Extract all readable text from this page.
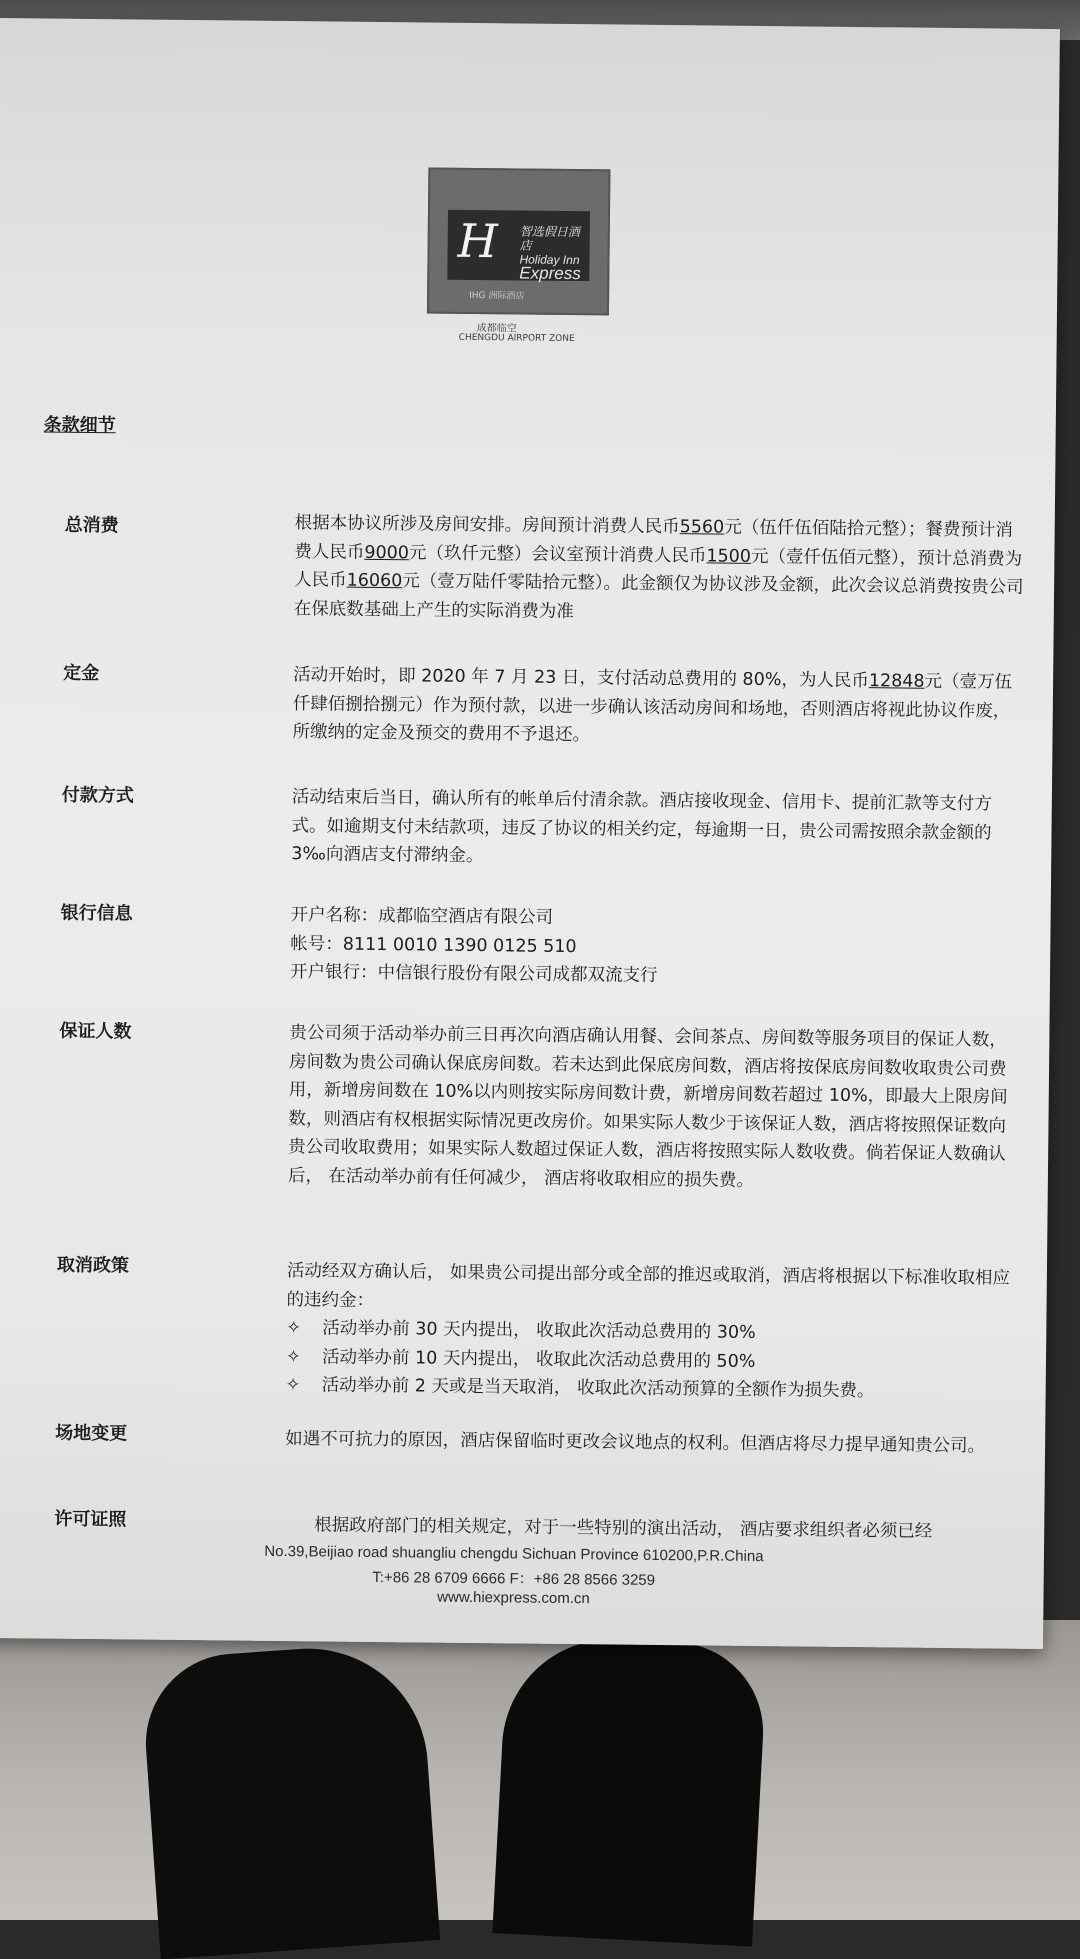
H 智选假日酒店
Holiday Inn
Express
IHG 洲际酒店
成都临空
CHENGDU AIRPORT ZONE
条款细节
总消费	根据本协议所涉及房间安排。房间预计消费人民币5560元（伍仟伍佰陆拾元整）；餐费预计消费人民币9000元（玖仟元整）会议室预计消费人民币1500元（壹仟伍佰元整），预计总消费为人民币16060元（壹万陆仟零陆拾元整）。此金额仅为协议涉及金额，此次会议总消费按贵公司在保底数基础上产生的实际消费为准
定金	活动开始时，即 2020 年 7 月 23 日，支付活动总费用的 80%，为人民币12848元（壹万伍仟肆佰捌拾捌元）作为预付款，以进一步确认该活动房间和场地，否则酒店将视此协议作废，所缴纳的定金及预交的费用不予退还。
付款方式	活动结束后当日，确认所有的帐单后付清余款。酒店接收现金、信用卡、提前汇款等支付方式。如逾期支付未结款项，违反了协议的相关约定，每逾期一日，贵公司需按照余款金额的 3‰向酒店支付滞纳金。
银行信息	开户名称：成都临空酒店有限公司
帐号：8111 0010 1390 0125 510
开户银行：中信银行股份有限公司成都双流支行
保证人数	贵公司须于活动举办前三日再次向酒店确认用餐、会间茶点、房间数等服务项目的保证人数，房间数为贵公司确认保底房间数。若未达到此保底房间数，酒店将按保底房间数收取贵公司费用，新增房间数在 10%以内则按实际房间数计费，新增房间数若超过 10%，即最大上限房间数，则酒店有权根据实际情况更改房价。如果实际人数少于该保证人数，酒店将按照保证数向贵公司收取费用；如果实际人数超过保证人数，酒店将按照实际人数收费。倘若保证人数确认后， 在活动举办前有任何减少， 酒店将收取相应的损失费。
取消政策	活动经双方确认后， 如果贵公司提出部分或全部的推迟或取消，酒店将根据以下标准收取相应的违约金：
✧	活动举办前 30 天内提出， 收取此次活动总费用的 30%
✧	活动举办前 10 天内提出， 收取此次活动总费用的 50%
✧	活动举办前 2 天或是当天取消， 收取此次活动预算的全额作为损失费。
场地变更	如遇不可抗力的原因，酒店保留临时更改会议地点的权利。但酒店将尽力提早通知贵公司。
许可证照	根据政府部门的相关规定，对于一些特别的演出活动， 酒店要求组织者必须已经
No.39,Beijiao road shuangliu chengdu Sichuan Province 610200,P.R.China
T:+86 28 6709 6666 F：+86 28 8566 3259
www.hiexpress.com.cn
